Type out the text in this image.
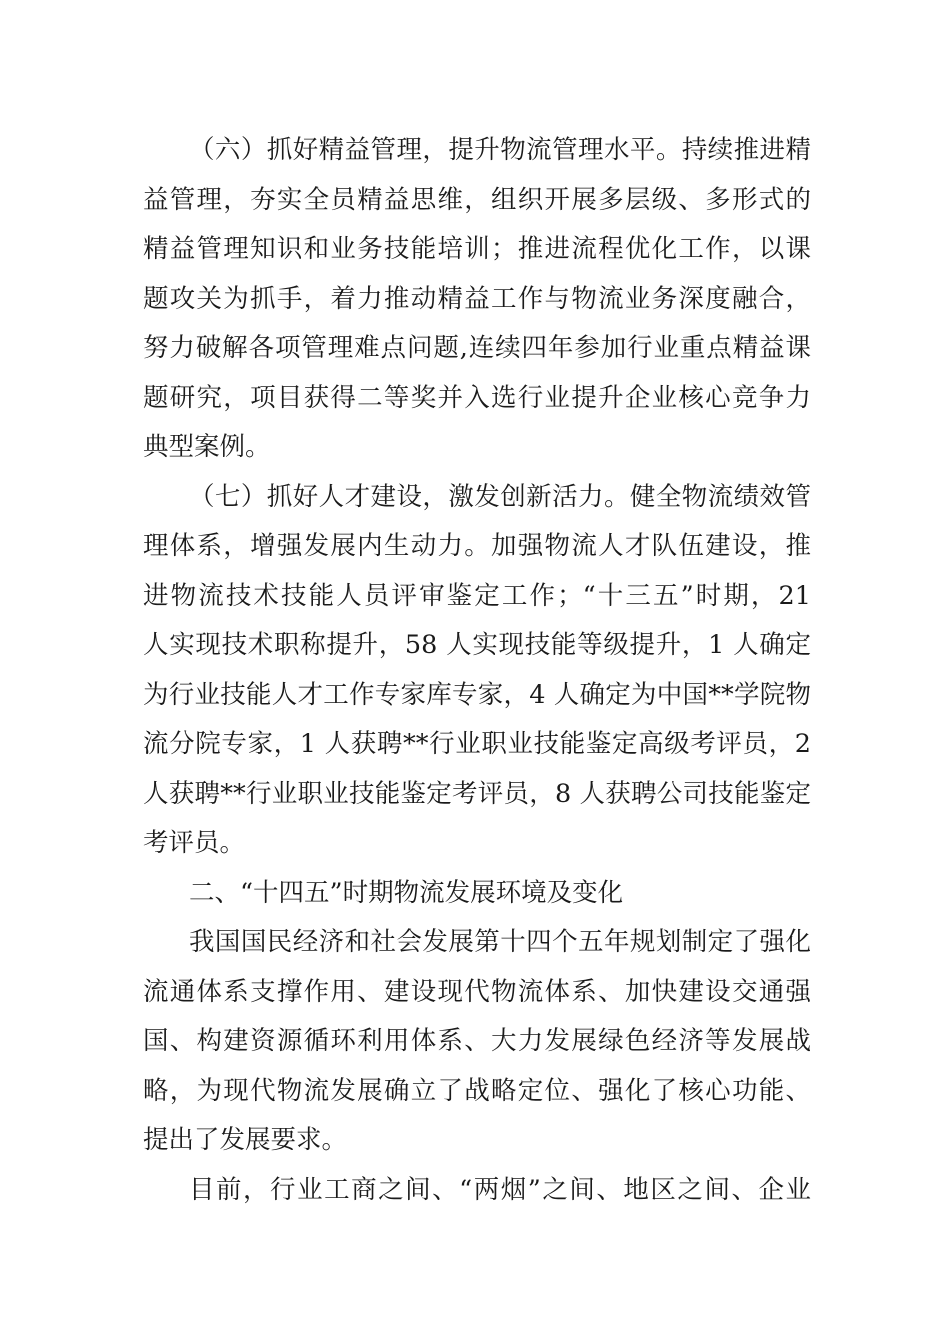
（六）抓好精益管理，提升物流管理水平。持续推进精
益管理，夯实全员精益思维，组织开展多层级、多形式的
精益管理知识和业务技能培训；推进流程优化工作，以课
题攻关为抓手，着力推动精益工作与物流业务深度融合，
努力破解各项管理难点问题,连续四年参加行业重点精益课
题研究，项目获得二等奖并入选行业提升企业核心竞争力
典型案例。
（七）抓好人才建设，激发创新活力。健全物流绩效管
理体系，增强发展内生动力。加强物流人才队伍建设，推
进物流技术技能人员评审鉴定工作；“十三五”时期，21
人实现技术职称提升，58 人实现技能等级提升，1 人确定
为行业技能人才工作专家库专家，4 人确定为中国**学院物
流分院专家，1 人获聘**行业职业技能鉴定高级考评员，2
人获聘**行业职业技能鉴定考评员，8 人获聘公司技能鉴定
考评员。
二、“十四五”时期物流发展环境及变化
我国国民经济和社会发展第十四个五年规划制定了强化
流通体系支撑作用、建设现代物流体系、加快建设交通强
国、构建资源循环利用体系、大力发展绿色经济等发展战
略，为现代物流发展确立了战略定位、强化了核心功能、
提出了发展要求。
目前，行业工商之间、“两烟”之间、地区之间、企业
